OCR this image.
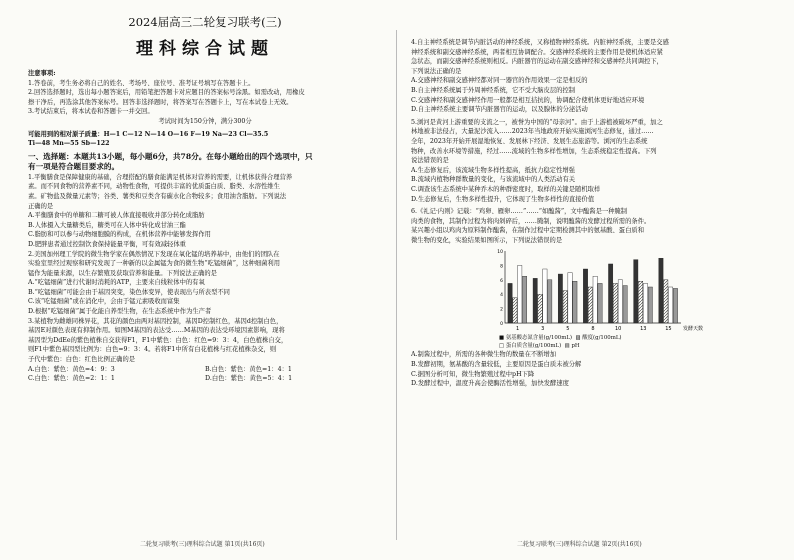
2024届高三二轮复习联考(三)
理科综合试题
注意事项:
1.答卷前，考生务必将自己的姓名、考场号、座位号、准考证号填写在答题卡上。
2.回答选择题时，选出每小题答案后，用铅笔把答题卡对应题目的答案标号涂黑。如需改动，用橡皮
擦干净后，再选涂其他答案标号。回答非选择题时，将答案写在答题卡上，写在本试卷上无效。
3.考试结束后，将本试卷和答题卡一并交回。
考试时间为150分钟，满分300分
可能用到的相对原子质量：H—1 C—12 N—14 O—16 F—19 Na—23 Cl—35.5
Ti—48 Mn—55 Sb—122
一、选择题：本题共13小题，每小题6分，共78分。在每小题给出的四个选项中，只
有一项是符合题目要求的。
1.平衡膳食是保障健康的基础，合理搭配的膳食能满足机体对营养的需要，让机体获得合理营养
素。而不同食物的营养素不同，动物性食物，可提供丰富的优质蛋白质、脂类、水溶性维生
素。矿物盐及微量元素等；谷类、薯类和豆类含有碳水化合物较多；食用油含脂肪。下列说法
正确的是
A.平衡膳食中的单糖和二糖可被人体直接吸收并部分转化成脂肪
B.人体摄入大量糖类后，糖类可在人体中转化成甘油三酯
C.脂肪和可以参与动物细胞膜的构成，在机体营养中能够发挥作用
D.肥胖患者通过控制饮食保持能量平衡，可有效减轻体重
2.美国加州理工学院的微生物学家在偶然情况下发现在氧化锰的培养基中，由他们的团队在
实验室里经过观察和研究发现了一种新的以金属锰为食的微生物“吃锰细菌”，这种细菌利用
锰作为能量来源，以生存繁殖及获取营养和能量。下列说法正确的是
A.“吃锰细菌”进行代谢时消耗的ATP，主要来自线粒体中的有氧
B.“吃锰细菌”可能会由于基因突变，染色体变异，使表现出与所表型不同
C.该“吃锰细菌”或在消化中，会由于锰元素吸收而富集
D.根据“吃锰细菌”属于化能自养型生物，在生态系统中作为生产者
3.某植物为雌雄同株异花，其花的颜色由两对基因控制，基因D控制红色，基因d控制白色，
基因E对颜色表现有抑制作用。如图M基因的表达受……M基因的表达受环境因素影响，现将
基因型为DdEe的紫色植株自交获得F1，F1中紫色：白色：红色=9：3：4，白色植株自交，
则F1中紫色基因型比例为：白色=9：3：4。若将F1中所有白花植株与红花植株杂交，则
子代中紫色：白色：红色比例正确的是
A.白色：紫色：黄色=4：9：3	B.白色：紫色：黄色=1：4：1
C.白色：紫色：黄色=2：1：1	D.白色：紫色：黄色=5：4：1
二轮复习联考(三)理科综合试题 第1页(共16页)
4.自主神经系统是调节内脏活动的神经系统，又称植物神经系统。内脏神经系统，主要是交感
神经系统和副交感神经系统，两者相互协调配合。交感神经系统的主要作用是使机体适应紧
急状态，而副交感神经系统则相反。内脏器官的运动在副交感神经和交感神经共同调控下，
下列说法正确的是
A.交感神经和副交感神经都对同一器官的作用效果一定是相反的
B.自主神经系统属于外周神经系统，它不受大脑皮层的控制
C.交感神经和副交感神经作用一般都是相互拮抗的，协调配合使机体更好地适应环境
D.自主神经系统主要调节内脏器官的运动，以及腺体的分泌活动
5.浏河是黄河上游重要的支流之一，被誉为中国的“母亲河”。由于上游植被破坏严重，加之
林地被非法侵占，大量泥沙流入……2023年当地政府开始实施浏河生态修复，通过……
全年，2023年开始开展湿地恢复、发展林下经济、发展生态旅游等。浏河的生态系统
物种，改善水环境等措施，经过……流域的生物多样性增加，生态系统稳定性提高。下列
说法错误的是
A.生态修复后，该流域生物多样性提高，抵抗力稳定性增强
B.流域内植物种群数量的变化，与该流域中的人类活动有关
C.调查该生态系统中某种乔木的种群密度时，取样的关键是随机取样
D.生态修复后，生物多样性提升，它体现了生物多样性的直接价值
6.《礼记·内则》记载：“鸡卵、雁卵……”……“如醢酱”，文中醢酱是一种腌制
肉类的食物，其制作过程为将肉剁碎后，……腌制，说明醢酱的发酵过程所需的条件。
某兴趣小组以鸡肉为原料制作醢酱，在制作过程中定期检测其中的氨基酸、蛋白质和
微生物的变化，实验结果如图所示，下列说法错误的是
0
2
4
6
8
10
1	3	5	8	10	13	15 发酵天数
■ 氨基酸态氮含量(g/100mL) ▨ 酸度(g/100mL)
□ 蛋白质含量(g/100mL) ▤ pH
A.制酱过程中，所需的各种微生物的数量在不断增加
B.发酵初期，氨基酸的含量较低，主要原因是蛋白质未被分解
C.据图分析可知，微生物繁殖过程中pH下降
D.发酵过程中，温度升高会使酶活性增强，加快发酵速度
二轮复习联考(三)理科综合试题 第2页(共16页)
